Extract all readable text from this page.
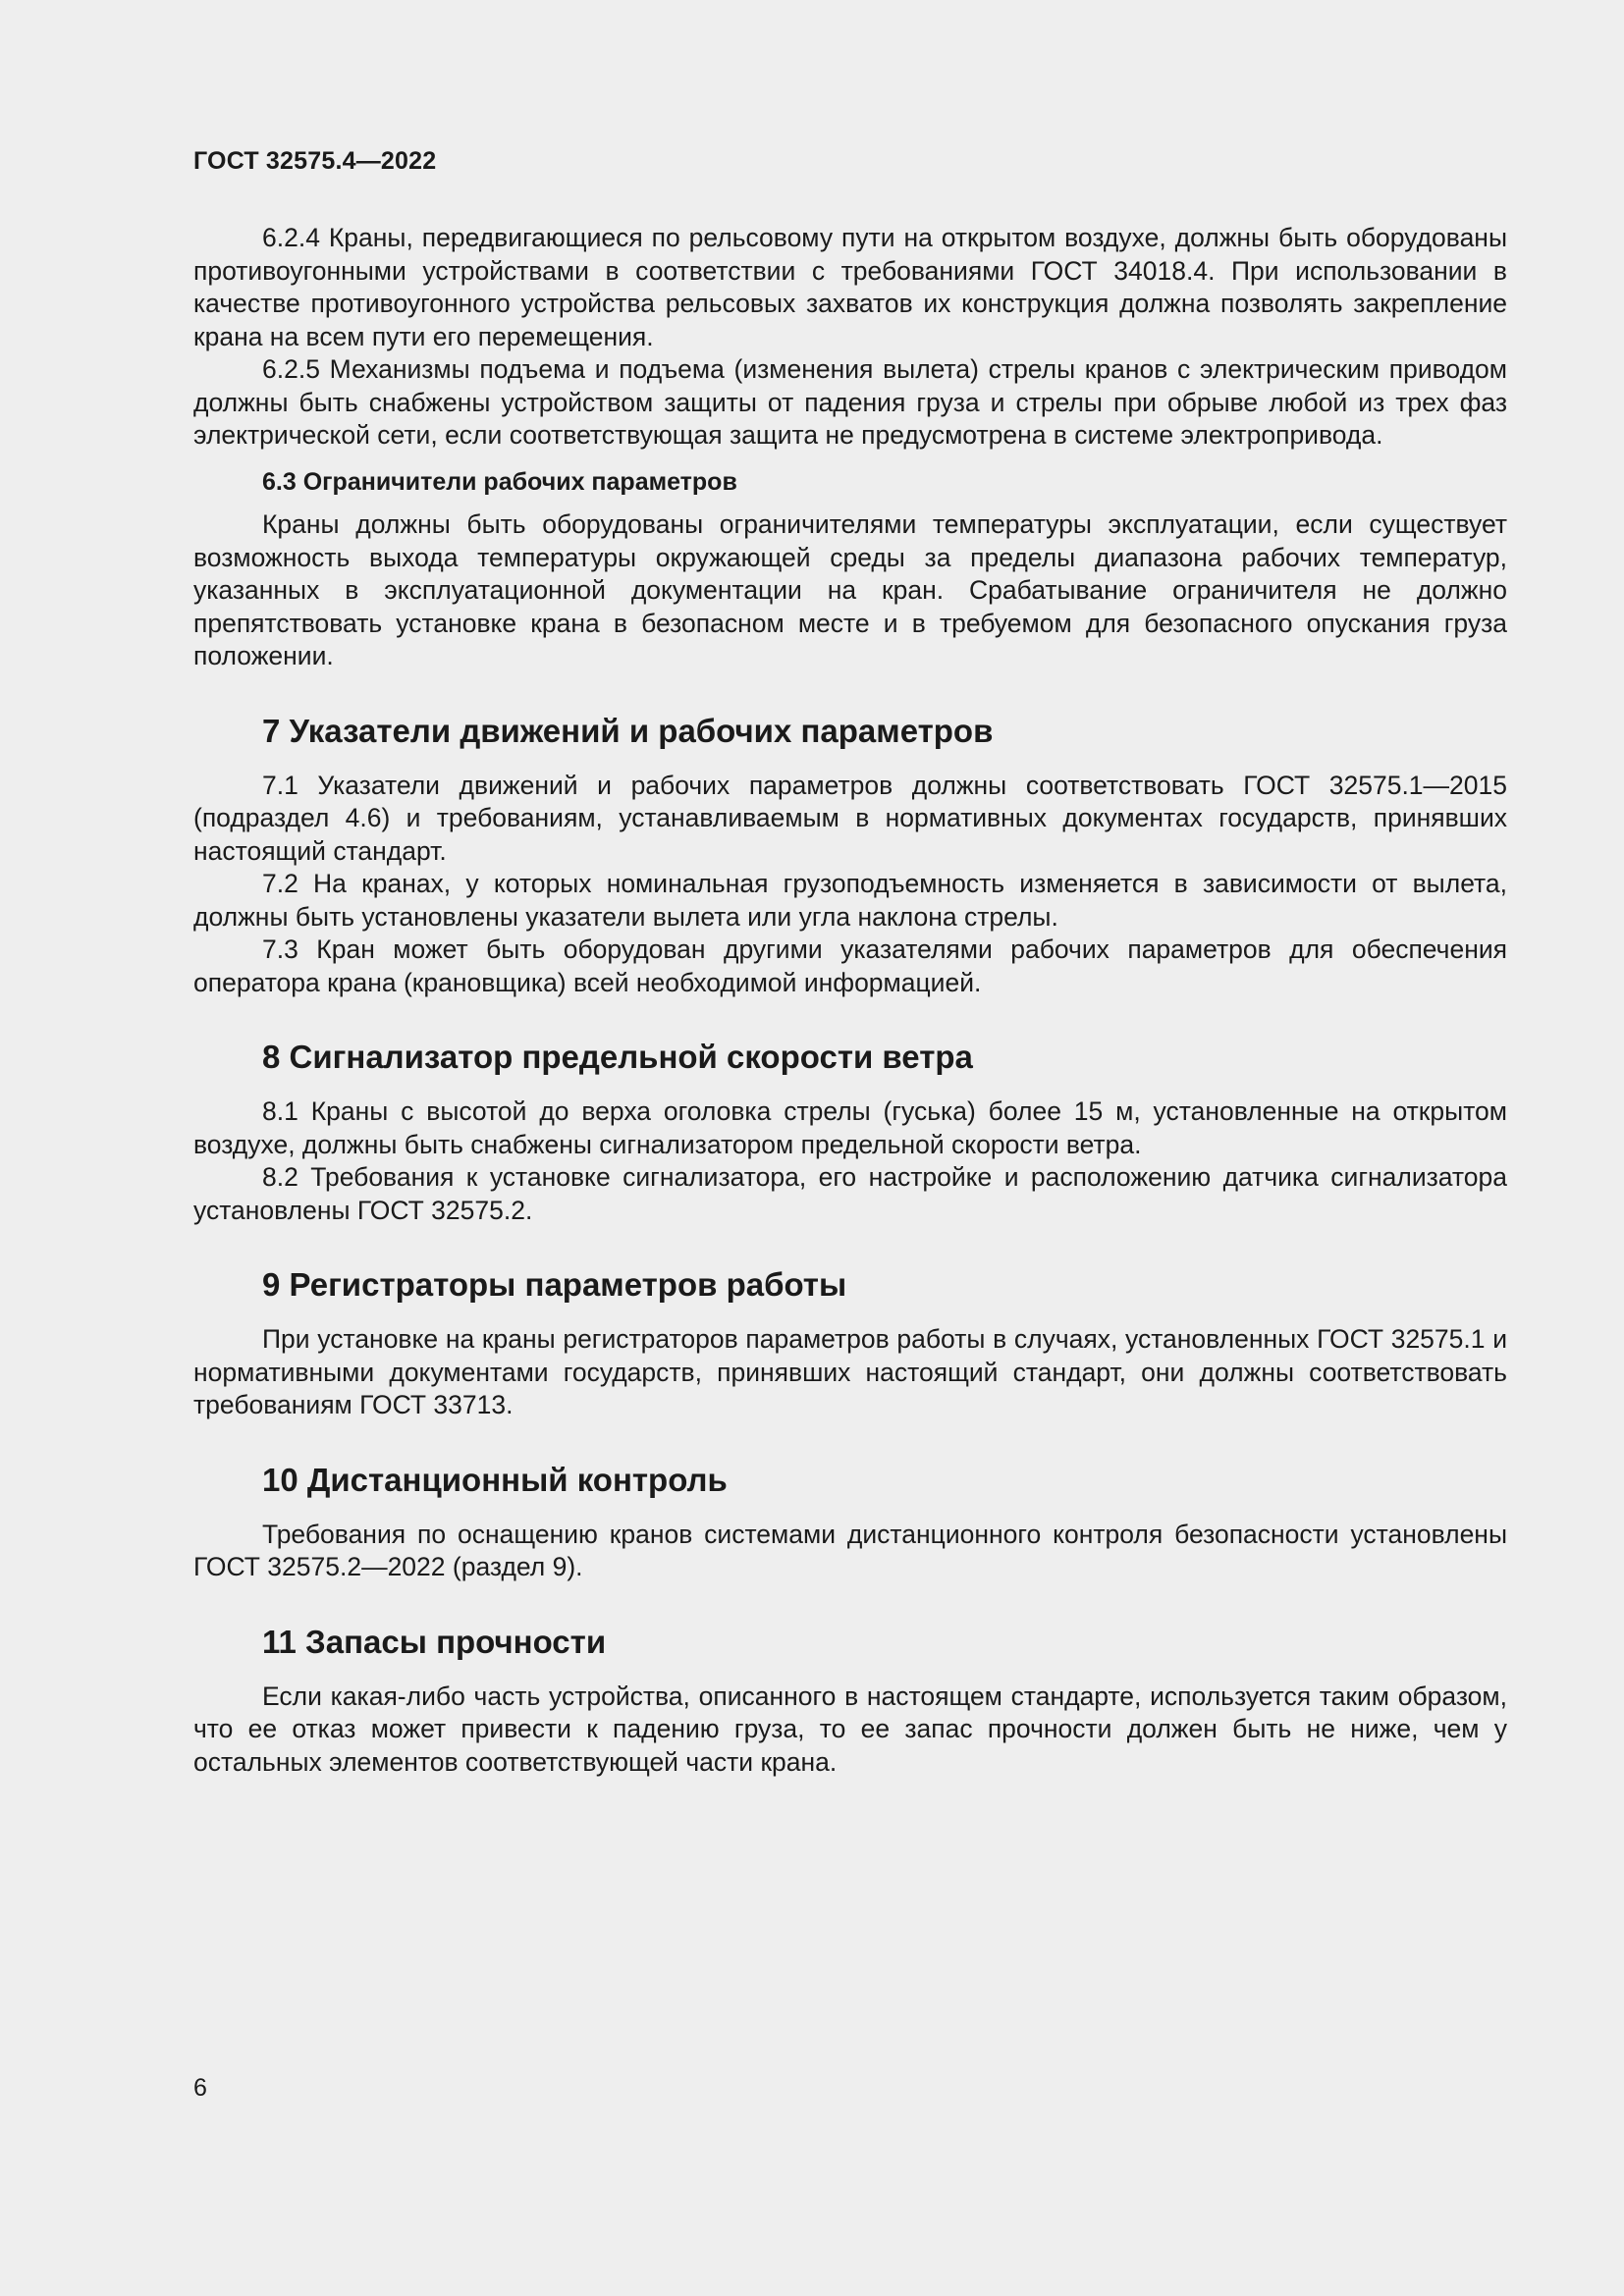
ГОСТ 32575.4—2022

6.2.4 Краны, передвигающиеся по рельсовому пути на открытом воздухе, должны быть оборудованы противоугонными устройствами в соответствии с требованиями ГОСТ 34018.4. При использовании в качестве противоугонного устройства рельсовых захватов их конструкция должна позволять закрепление крана на всем пути его перемещения.

6.2.5 Механизмы подъема и подъема (изменения вылета) стрелы кранов с электрическим приводом должны быть снабжены устройством защиты от падения груза и стрелы при обрыве любой из трех фаз электрической сети, если соответствующая защита не предусмотрена в системе электропривода.

6.3 Ограничители рабочих параметров

Краны должны быть оборудованы ограничителями температуры эксплуатации, если существует возможность выхода температуры окружающей среды за пределы диапазона рабочих температур, указанных в эксплуатационной документации на кран. Срабатывание ограничителя не должно препятствовать установке крана в безопасном месте и в требуемом для безопасного опускания груза положении.

7 Указатели движений и рабочих параметров

7.1 Указатели движений и рабочих параметров должны соответствовать ГОСТ 32575.1—2015 (подраздел 4.6) и требованиям, устанавливаемым в нормативных документах государств, принявших настоящий стандарт.

7.2 На кранах, у которых номинальная грузоподъемность изменяется в зависимости от вылета, должны быть установлены указатели вылета или угла наклона стрелы.

7.3 Кран может быть оборудован другими указателями рабочих параметров для обеспечения оператора крана (крановщика) всей необходимой информацией.

8 Сигнализатор предельной скорости ветра

8.1 Краны с высотой до верха оголовка стрелы (гуська) более 15 м, установленные на открытом воздухе, должны быть снабжены сигнализатором предельной скорости ветра.

8.2 Требования к установке сигнализатора, его настройке и расположению датчика сигнализатора установлены ГОСТ 32575.2.

9 Регистраторы параметров работы

При установке на краны регистраторов параметров работы в случаях, установленных ГОСТ 32575.1 и нормативными документами государств, принявших настоящий стандарт, они должны соответствовать требованиям ГОСТ 33713.

10 Дистанционный контроль

Требования по оснащению кранов системами дистанционного контроля безопасности установлены ГОСТ 32575.2—2022 (раздел 9).

11 Запасы прочности

Если какая-либо часть устройства, описанного в настоящем стандарте, используется таким образом, что ее отказ может привести к падению груза, то ее запас прочности должен быть не ниже, чем у остальных элементов соответствующей части крана.

6
